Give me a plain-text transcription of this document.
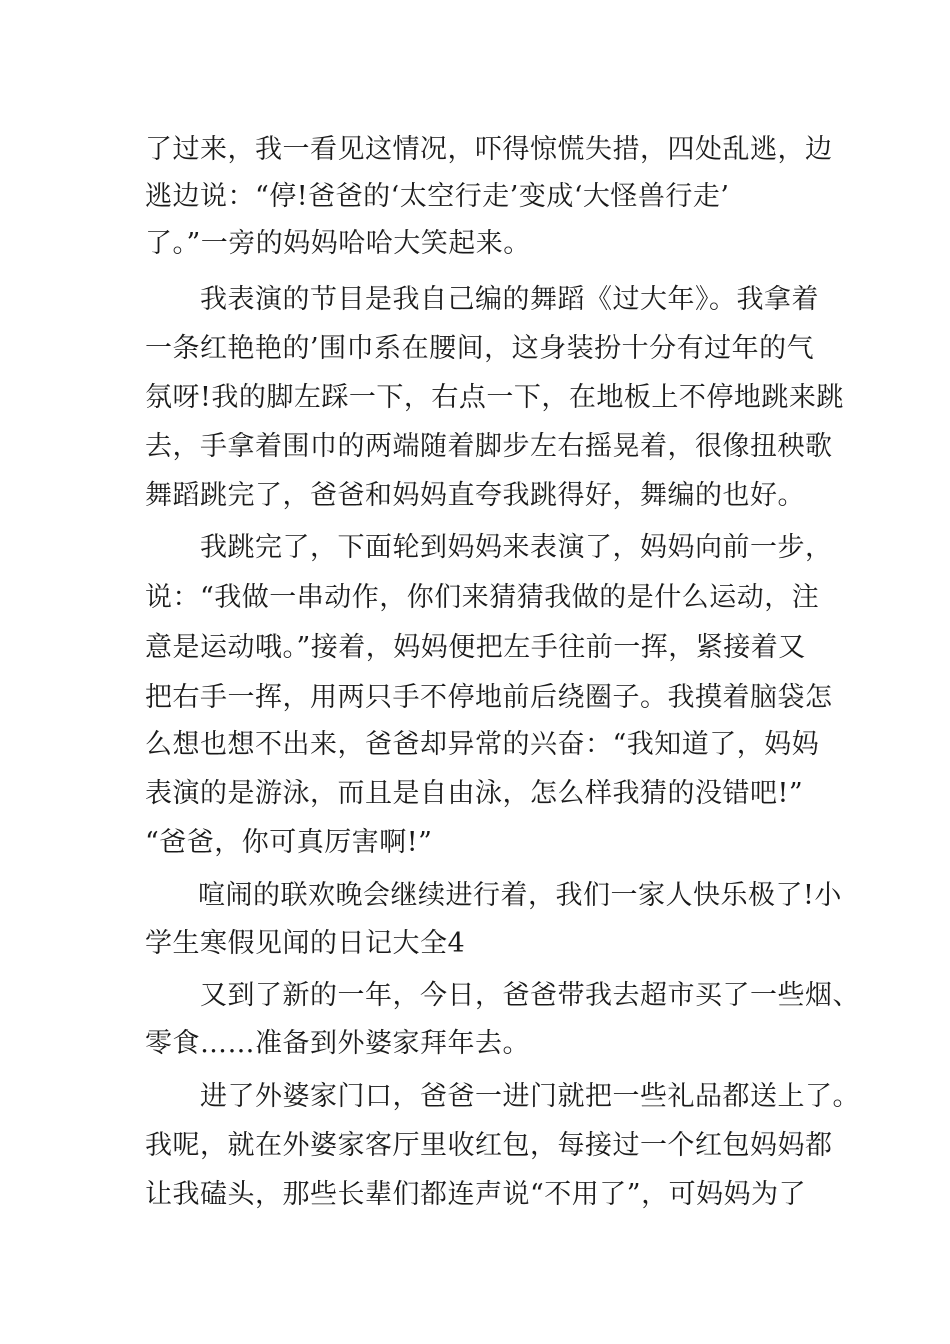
了过来，我一看见这情况，吓得惊慌失措，四处乱逃，边
逃边说：“停!爸爸的‘太空行走’变成‘大怪兽行走’
了。”一旁的妈妈哈哈大笑起来。
我表演的节目是我自己编的舞蹈《过大年》。我拿着
一条红艳艳的’围巾系在腰间，这身装扮十分有过年的气
氛呀!我的脚左踩一下，右点一下，在地板上不停地跳来跳
去，手拿着围巾的两端随着脚步左右摇晃着，很像扭秧歌
舞蹈跳完了，爸爸和妈妈直夸我跳得好，舞编的也好。
我跳完了，下面轮到妈妈来表演了，妈妈向前一步，
说：“我做一串动作，你们来猜猜我做的是什么运动，注
意是运动哦。”接着，妈妈便把左手往前一挥，紧接着又
把右手一挥，用两只手不停地前后绕圈子。我摸着脑袋怎
么想也想不出来，爸爸却异常的兴奋：“我知道了，妈妈
表演的是游泳，而且是自由泳，怎么样我猜的没错吧!”
“爸爸，你可真厉害啊!”
喧闹的联欢晚会继续进行着，我们一家人快乐极了!小
学生寒假见闻的日记大全4
又到了新的一年，今日，爸爸带我去超市买了一些烟、
零食……准备到外婆家拜年去。
进了外婆家门口，爸爸一进门就把一些礼品都送上了。
我呢，就在外婆家客厅里收红包，每接过一个红包妈妈都
让我磕头，那些长辈们都连声说“不用了”，可妈妈为了
